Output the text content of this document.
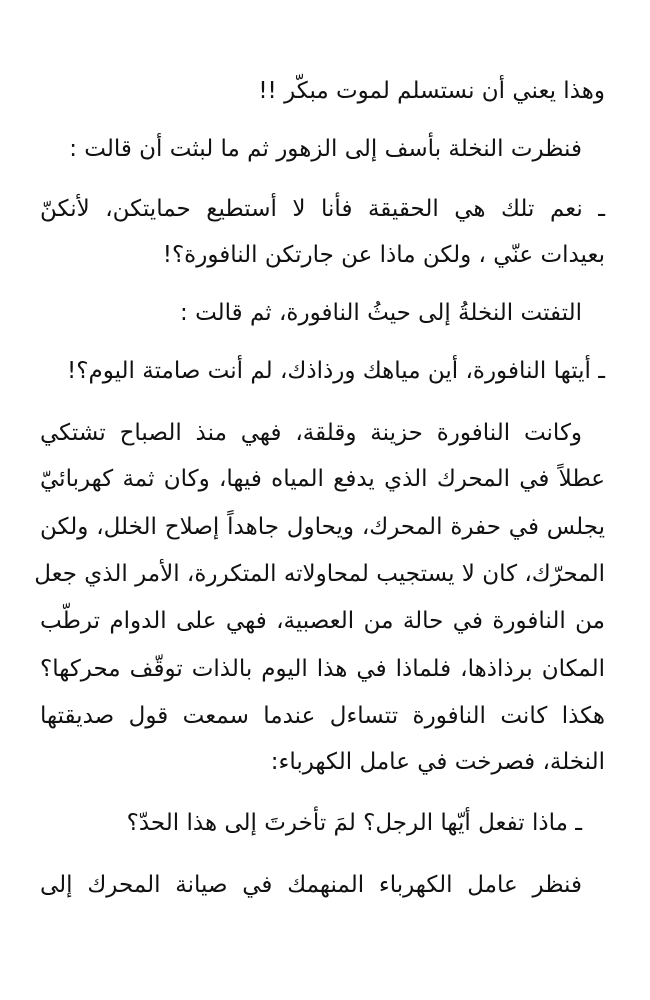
وهذا يعني أن نستسلم لموت مبكّر !!
فنظرت النخلة بأسف إلى الزهور ثم ما لبثت أن قالت :
ـ نعم تلك هي الحقيقة فأنا لا أستطيع حمايتكن، لأنكنّ
بعيدات عنّي ، ولكن ماذا عن جارتكن النافورة؟!
التفتت النخلةُ إلى حيثُ النافورة، ثم قالت :
ـ أيتها النافورة، أين مياهك ورذاذك، لم أنت صامتة اليوم؟!
وكانت النافورة حزينة وقلقة، فهي منذ الصباح تشتكي
عطلاً في المحرك الذي يدفع المياه فيها، وكان ثمة كهربائيّ
يجلس في حفرة المحرك، ويحاول جاهداً إصلاح الخلل، ولكن
المحرّك، كان لا يستجيب لمحاولاته المتكررة، الأمر الذي جعل
من النافورة في حالة من العصبية، فهي على الدوام ترطّب
المكان برذاذها، فلماذا في هذا اليوم بالذات توقّف محركها؟
هكذا كانت النافورة تتساءل عندما سمعت قول صديقتها
النخلة، فصرخت في عامل الكهرباء:
ـ ماذا تفعل أيّها الرجل؟ لمَ تأخرتَ إلى هذا الحدّ؟
فنظر عامل الكهرباء المنهمك في صيانة المحرك إلى
